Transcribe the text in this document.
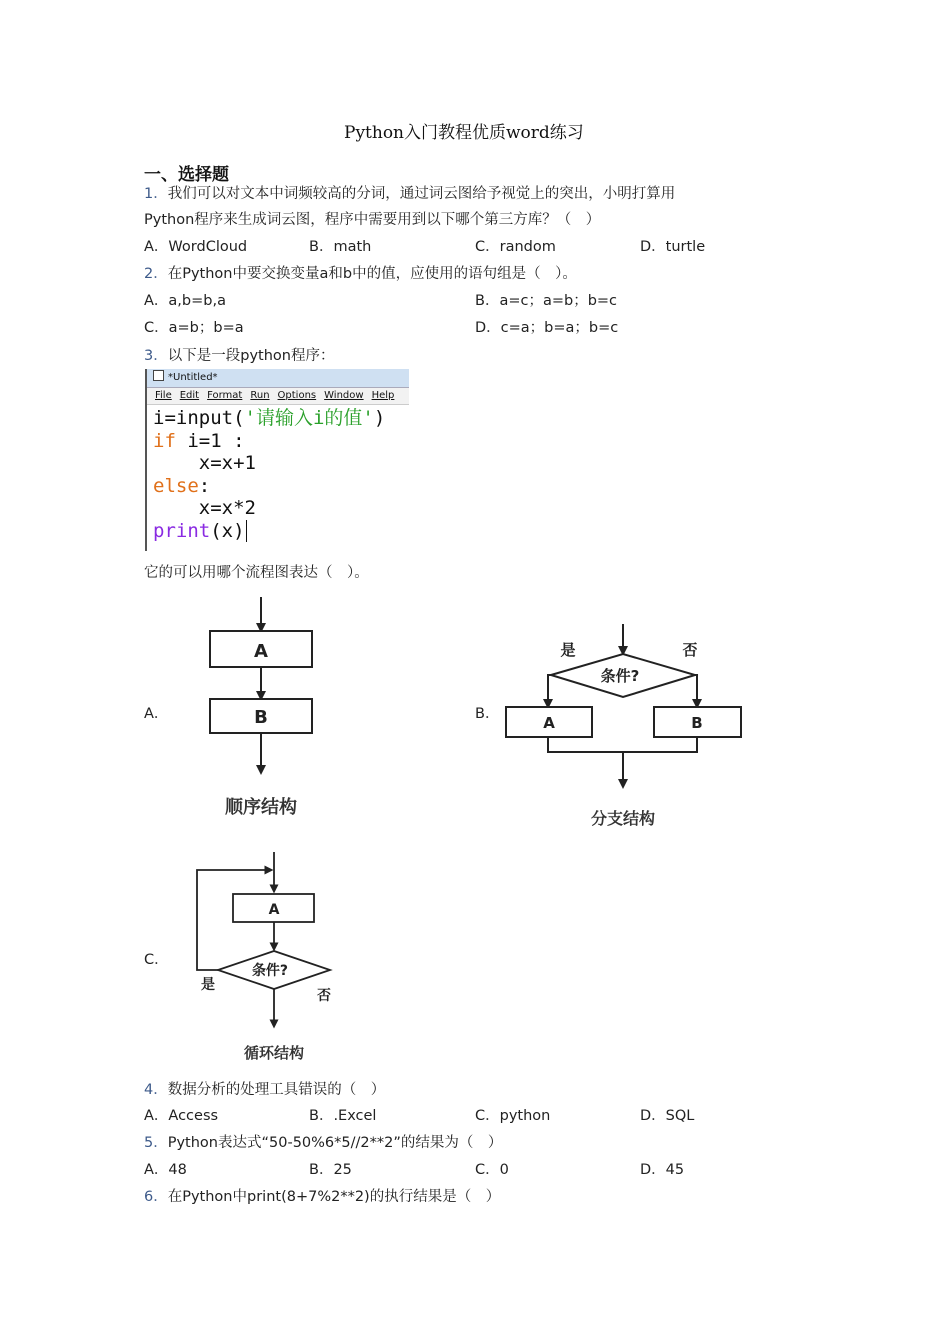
Python入门教程优质word练习
一、选择题
1．我们可以对文本中词频较高的分词，通过词云图给予视觉上的突出，小明打算用
Python程序来生成词云图，程序中需要用到以下哪个第三方库？（　）
A．WordCloud	B．math	C．random	D．turtle
2．在Python中要交换变量a和b中的值，应使用的语句组是（　）。
A．a,b=b,a	B．a=c；a=b；b=c
C．a=b；b=a	D．c=a；b=a；b=c
3．以下是一段python程序：
*Untitled*
File Edit Format Run Options Window Help
i=input('请输入i的值')
if i=1 :
x=x+1
else:
x=x*2
print(x)
它的可以用哪个流程图表达（　）。
A．	B．
C．
A
B
顺序结构
条件?
是	否
A	B
分支结构
A
条件?
是
否
循环结构
4．数据分析的处理工具错误的（　）
A．Access	B．.Excel	C．python	D．SQL
5．Python表达式“50-50%6*5//2**2”的结果为（　）
A．48	B．25	C．0	D．45
6．在Python中print(8+7%2**2)的执行结果是（　）
